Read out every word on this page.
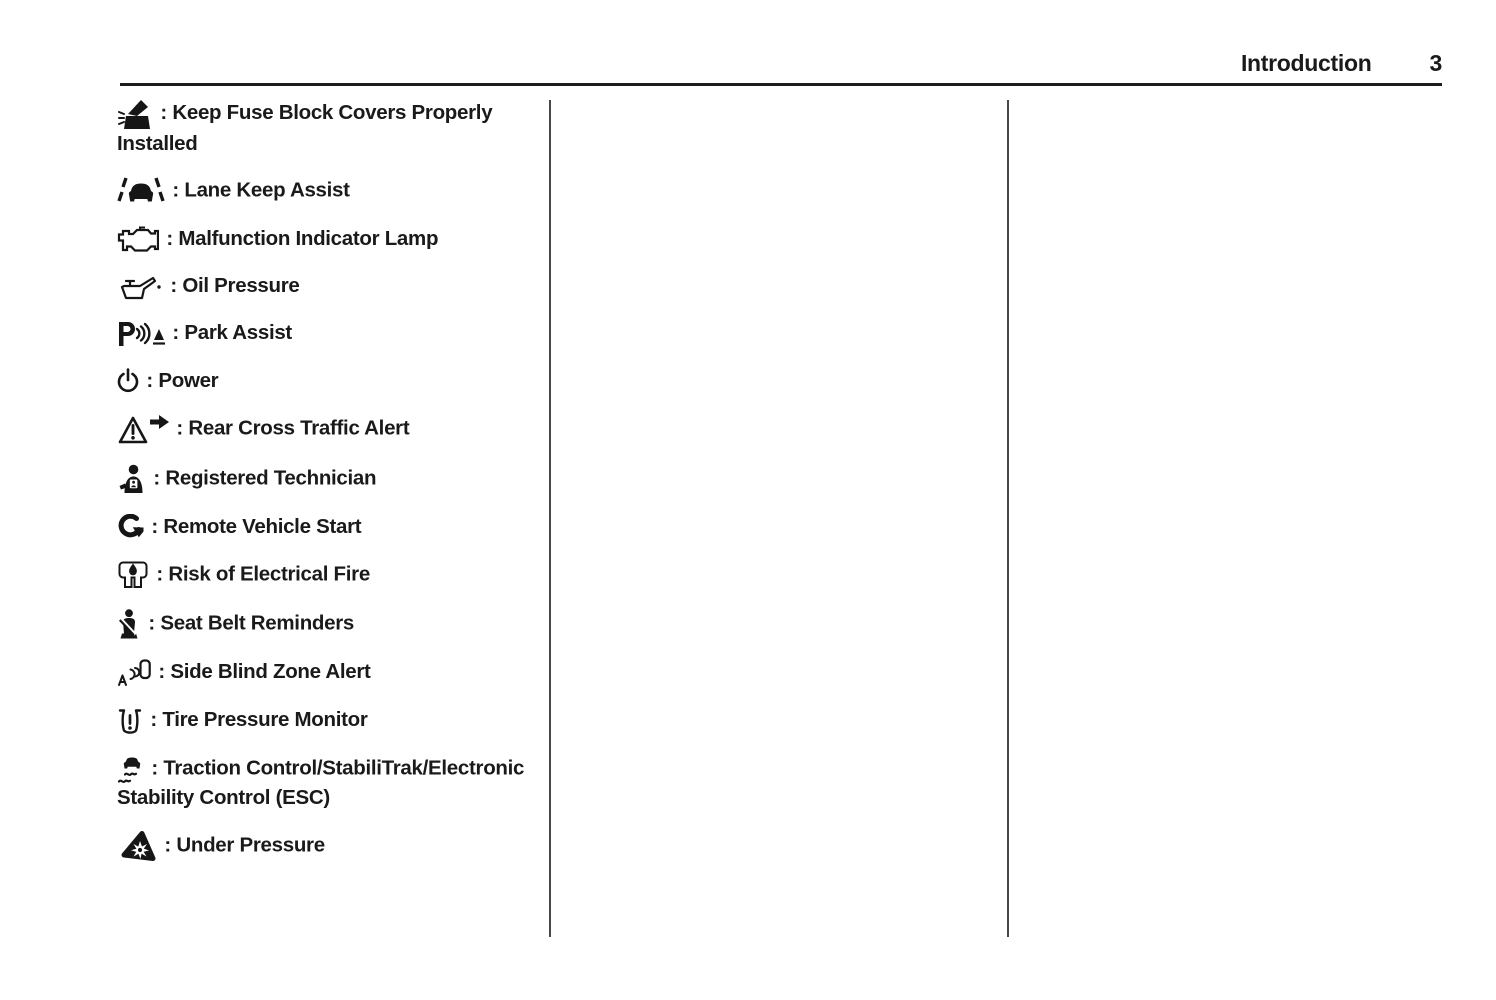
Introduction	3
: Keep Fuse Block Covers Properly Installed
: Lane Keep Assist
: Malfunction Indicator Lamp
: Oil Pressure
: Park Assist
: Power
: Rear Cross Traffic Alert
: Registered Technician
: Remote Vehicle Start
: Risk of Electrical Fire
: Seat Belt Reminders
: Side Blind Zone Alert
: Tire Pressure Monitor
: Traction Control/StabiliTrak/Electronic Stability Control (ESC)
: Under Pressure
